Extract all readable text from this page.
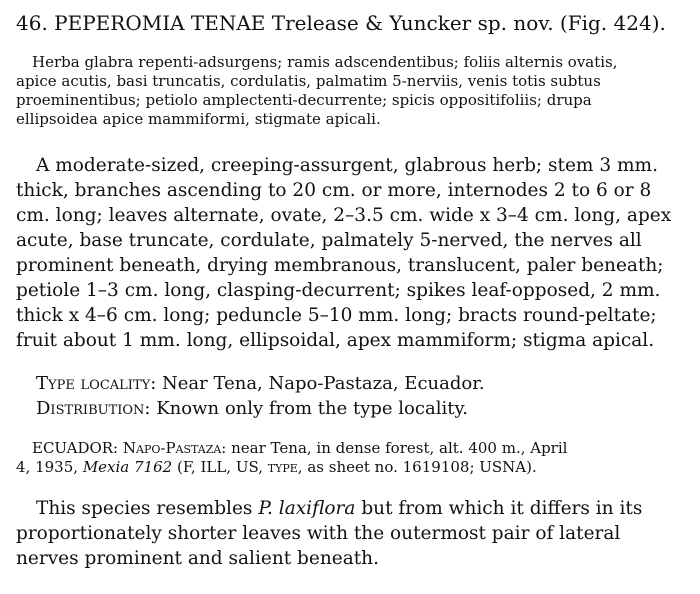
46. PEPEROMIA TENAE Trelease & Yuncker sp. nov. (Fig. 424).
Herba glabra repenti-adsurgens; ramis adscendentibus; foliis alternis ovatis,
apice acutis, basi truncatis, cordulatis, palmatim 5-nerviis, venis totis subtus
proeminentibus; petiolo amplectenti-decurrente; spicis oppositifoliis; drupa
ellipsoidea apice mammiformi, stigmate apicali.
A moderate-sized, creeping-assurgent, glabrous herb; stem 3 mm.
thick, branches ascending to 20 cm. or more, internodes 2 to 6 or 8
cm. long; leaves alternate, ovate, 2–3.5 cm. wide x 3–4 cm. long, apex
acute, base truncate, cordulate, palmately 5-nerved, the nerves all
prominent beneath, drying membranous, translucent, paler beneath;
petiole 1–3 cm. long, clasping-decurrent; spikes leaf-opposed, 2 mm.
thick x 4–6 cm. long; peduncle 5–10 mm. long; bracts round-peltate;
fruit about 1 mm. long, ellipsoidal, apex mammiform; stigma apical.
Type locality: Near Tena, Napo-Pastaza, Ecuador.
Distribution: Known only from the type locality.
ECUADOR: Napo-Pastaza: near Tena, in dense forest, alt. 400 m., April
4, 1935, Mexia 7162 (F, ILL, US, type, as sheet no. 1619108; USNA).
This species resembles P. laxiflora but from which it differs in its
proportionately shorter leaves with the outermost pair of lateral
nerves prominent and salient beneath.
